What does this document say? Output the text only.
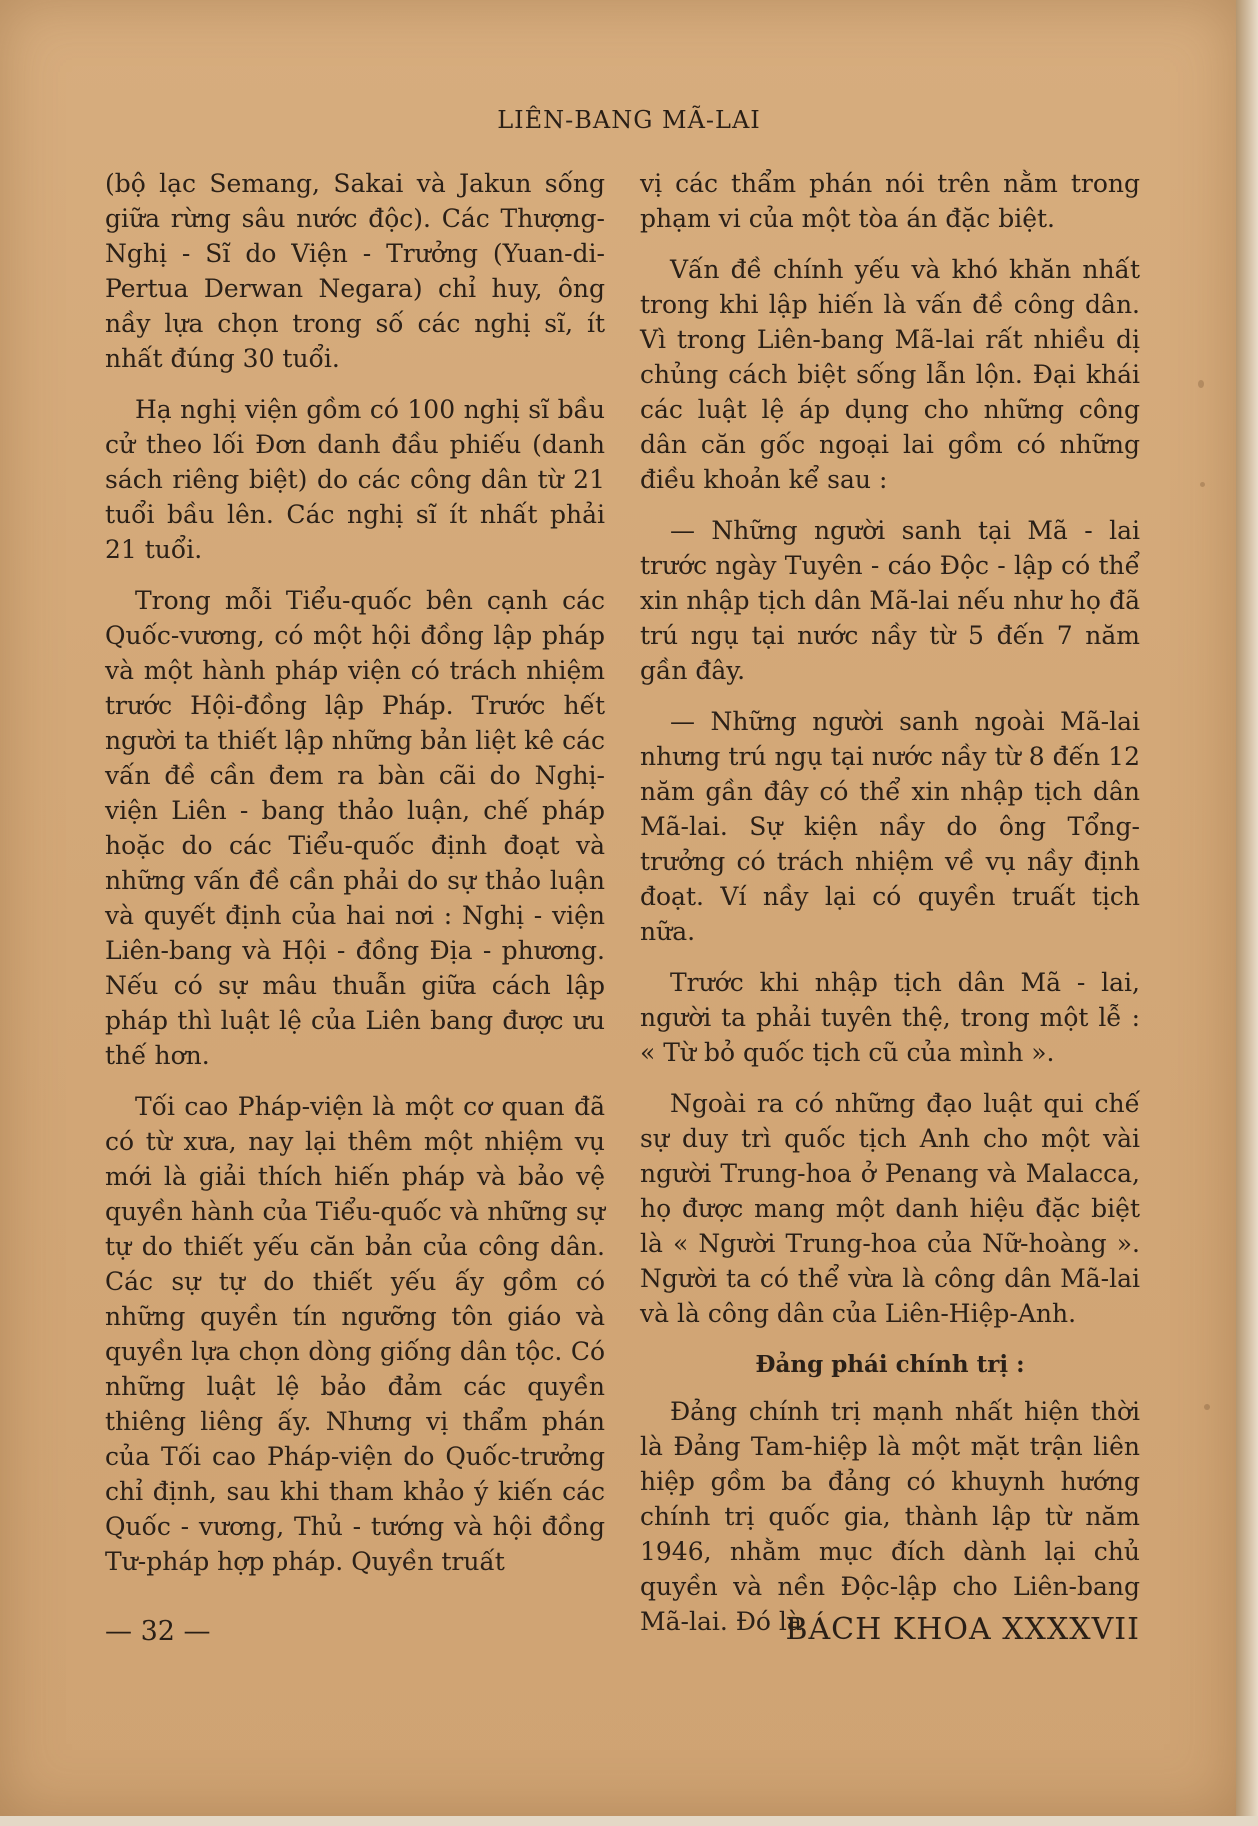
LIÊN-BANG MÃ-LAI

(bộ lạc Semang, Sakai và Jakun sống giữa rừng sâu nước độc). Các Thượng-Nghị - Sĩ do Viện - Trưởng (Yuan-di-Pertua Derwan Negara) chỉ huy, ông nầy lựa chọn trong số các nghị sĩ, ít nhất đúng 30 tuổi.

Hạ nghị viện gồm có 100 nghị sĩ bầu cử theo lối Đơn danh đầu phiếu (danh sách riêng biệt) do các công dân từ 21 tuổi bầu lên. Các nghị sĩ ít nhất phải 21 tuổi.

Trong mỗi Tiểu-quốc bên cạnh các Quốc-vương, có một hội đồng lập pháp và một hành pháp viện có trách nhiệm trước Hội-đồng lập Pháp. Trước hết người ta thiết lập những bản liệt kê các vấn đề cần đem ra bàn cãi do Nghị-viện Liên - bang thảo luận, chế pháp hoặc do các Tiểu-quốc định đoạt và những vấn đề cần phải do sự thảo luận và quyết định của hai nơi : Nghị - viện Liên-bang và Hội - đồng Địa - phương. Nếu có sự mâu thuẫn giữa cách lập pháp thì luật lệ của Liên bang được ưu thế hơn.

Tối cao Pháp-viện là một cơ quan đã có từ xưa, nay lại thêm một nhiệm vụ mới là giải thích hiến pháp và bảo vệ quyền hành của Tiểu-quốc và những sự tự do thiết yếu căn bản của công dân. Các sự tự do thiết yếu ấy gồm có những quyền tín ngưỡng tôn giáo và quyền lựa chọn dòng giống dân tộc. Có những luật lệ bảo đảm các quyền thiêng liêng ấy. Nhưng vị thẩm phán của Tối cao Pháp-viện do Quốc-trưởng chỉ định, sau khi tham khảo ý kiến các Quốc - vương, Thủ - tướng và hội đồng Tư-pháp hợp pháp. Quyền truất

vị các thẩm phán nói trên nằm trong phạm vi của một tòa án đặc biệt.

Vấn đề chính yếu và khó khăn nhất trong khi lập hiến là vấn đề công dân. Vì trong Liên-bang Mã-lai rất nhiều dị chủng cách biệt sống lẫn lộn. Đại khái các luật lệ áp dụng cho những công dân căn gốc ngoại lai gồm có những điều khoản kể sau :

— Những người sanh tại Mã - lai trước ngày Tuyên - cáo Độc - lập có thể xin nhập tịch dân Mã-lai nếu như họ đã trú ngụ tại nước nầy từ 5 đến 7 năm gần đây.

— Những người sanh ngoài Mã-lai nhưng trú ngụ tại nước nầy từ 8 đến 12 năm gần đây có thể xin nhập tịch dân Mã-lai. Sự kiện nầy do ông Tổng-trưởng có trách nhiệm về vụ nầy định đoạt. Ví nầy lại có quyền truất tịch nữa.

Trước khi nhập tịch dân Mã - lai, người ta phải tuyên thệ, trong một lễ : « Từ bỏ quốc tịch cũ của mình ».

Ngoài ra có những đạo luật qui chế sự duy trì quốc tịch Anh cho một vài người Trung-hoa ở Penang và Malacca, họ được mang một danh hiệu đặc biệt là « Người Trung-hoa của Nữ-hoàng ». Người ta có thể vừa là công dân Mã-lai và là công dân của Liên-Hiệp-Anh.

Đảng phái chính trị :

Đảng chính trị mạnh nhất hiện thời là Đảng Tam-hiệp là một mặt trận liên hiệp gồm ba đảng có khuynh hướng chính trị quốc gia, thành lập từ năm 1946, nhằm mục đích dành lại chủ quyền và nền Độc-lập cho Liên-bang Mã-lai. Đó là

— 32 —	BÁCH KHOA XXXXVII
